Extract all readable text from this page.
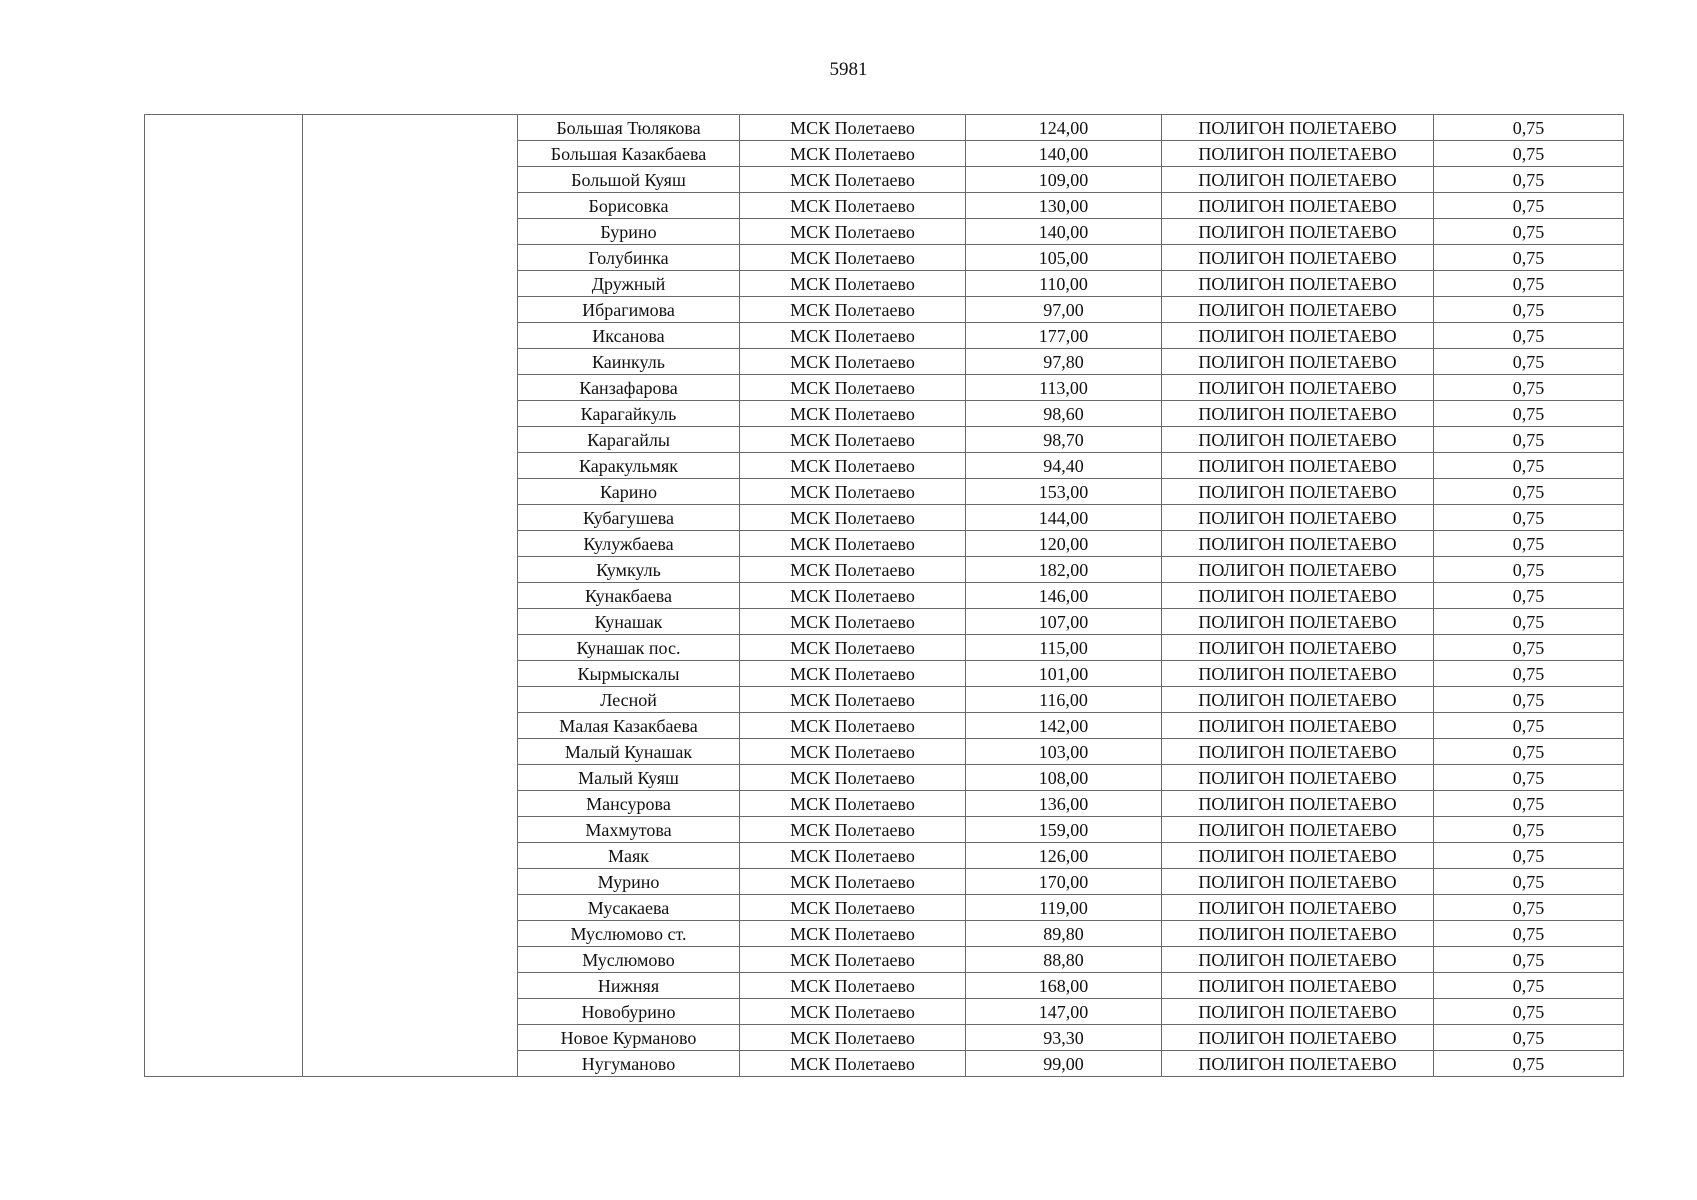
5981
		Большая Тюлякова	МСК Полетаево	124,00	ПОЛИГОН ПОЛЕТАЕВО	0,75
		Большая Казакбаева	МСК Полетаево	140,00	ПОЛИГОН ПОЛЕТАЕВО	0,75
		Большой Куяш	МСК Полетаево	109,00	ПОЛИГОН ПОЛЕТАЕВО	0,75
		Борисовка	МСК Полетаево	130,00	ПОЛИГОН ПОЛЕТАЕВО	0,75
		Бурино	МСК Полетаево	140,00	ПОЛИГОН ПОЛЕТАЕВО	0,75
		Голубинка	МСК Полетаево	105,00	ПОЛИГОН ПОЛЕТАЕВО	0,75
		Дружный	МСК Полетаево	110,00	ПОЛИГОН ПОЛЕТАЕВО	0,75
		Ибрагимова	МСК Полетаево	97,00	ПОЛИГОН ПОЛЕТАЕВО	0,75
		Иксанова	МСК Полетаево	177,00	ПОЛИГОН ПОЛЕТАЕВО	0,75
		Каинкуль	МСК Полетаево	97,80	ПОЛИГОН ПОЛЕТАЕВО	0,75
		Канзафарова	МСК Полетаево	113,00	ПОЛИГОН ПОЛЕТАЕВО	0,75
		Карагайкуль	МСК Полетаево	98,60	ПОЛИГОН ПОЛЕТАЕВО	0,75
		Карагайлы	МСК Полетаево	98,70	ПОЛИГОН ПОЛЕТАЕВО	0,75
		Каракульмяк	МСК Полетаево	94,40	ПОЛИГОН ПОЛЕТАЕВО	0,75
		Карино	МСК Полетаево	153,00	ПОЛИГОН ПОЛЕТАЕВО	0,75
		Кубагушева	МСК Полетаево	144,00	ПОЛИГОН ПОЛЕТАЕВО	0,75
		Кулужбаева	МСК Полетаево	120,00	ПОЛИГОН ПОЛЕТАЕВО	0,75
		Кумкуль	МСК Полетаево	182,00	ПОЛИГОН ПОЛЕТАЕВО	0,75
		Кунакбаева	МСК Полетаево	146,00	ПОЛИГОН ПОЛЕТАЕВО	0,75
		Кунашак	МСК Полетаево	107,00	ПОЛИГОН ПОЛЕТАЕВО	0,75
		Кунашак пос.	МСК Полетаево	115,00	ПОЛИГОН ПОЛЕТАЕВО	0,75
		Кырмыскалы	МСК Полетаево	101,00	ПОЛИГОН ПОЛЕТАЕВО	0,75
		Лесной	МСК Полетаево	116,00	ПОЛИГОН ПОЛЕТАЕВО	0,75
		Малая Казакбаева	МСК Полетаево	142,00	ПОЛИГОН ПОЛЕТАЕВО	0,75
		Малый Кунашак	МСК Полетаево	103,00	ПОЛИГОН ПОЛЕТАЕВО	0,75
		Малый Куяш	МСК Полетаево	108,00	ПОЛИГОН ПОЛЕТАЕВО	0,75
		Мансурова	МСК Полетаево	136,00	ПОЛИГОН ПОЛЕТАЕВО	0,75
		Махмутова	МСК Полетаево	159,00	ПОЛИГОН ПОЛЕТАЕВО	0,75
		Маяк	МСК Полетаево	126,00	ПОЛИГОН ПОЛЕТАЕВО	0,75
		Мурино	МСК Полетаево	170,00	ПОЛИГОН ПОЛЕТАЕВО	0,75
		Мусакаева	МСК Полетаево	119,00	ПОЛИГОН ПОЛЕТАЕВО	0,75
		Муслюмово ст.	МСК Полетаево	89,80	ПОЛИГОН ПОЛЕТАЕВО	0,75
		Муслюмово	МСК Полетаево	88,80	ПОЛИГОН ПОЛЕТАЕВО	0,75
		Нижняя	МСК Полетаево	168,00	ПОЛИГОН ПОЛЕТАЕВО	0,75
		Новобурино	МСК Полетаево	147,00	ПОЛИГОН ПОЛЕТАЕВО	0,75
		Новое Курманово	МСК Полетаево	93,30	ПОЛИГОН ПОЛЕТАЕВО	0,75
		Нугуманово	МСК Полетаево	99,00	ПОЛИГОН ПОЛЕТАЕВО	0,75
